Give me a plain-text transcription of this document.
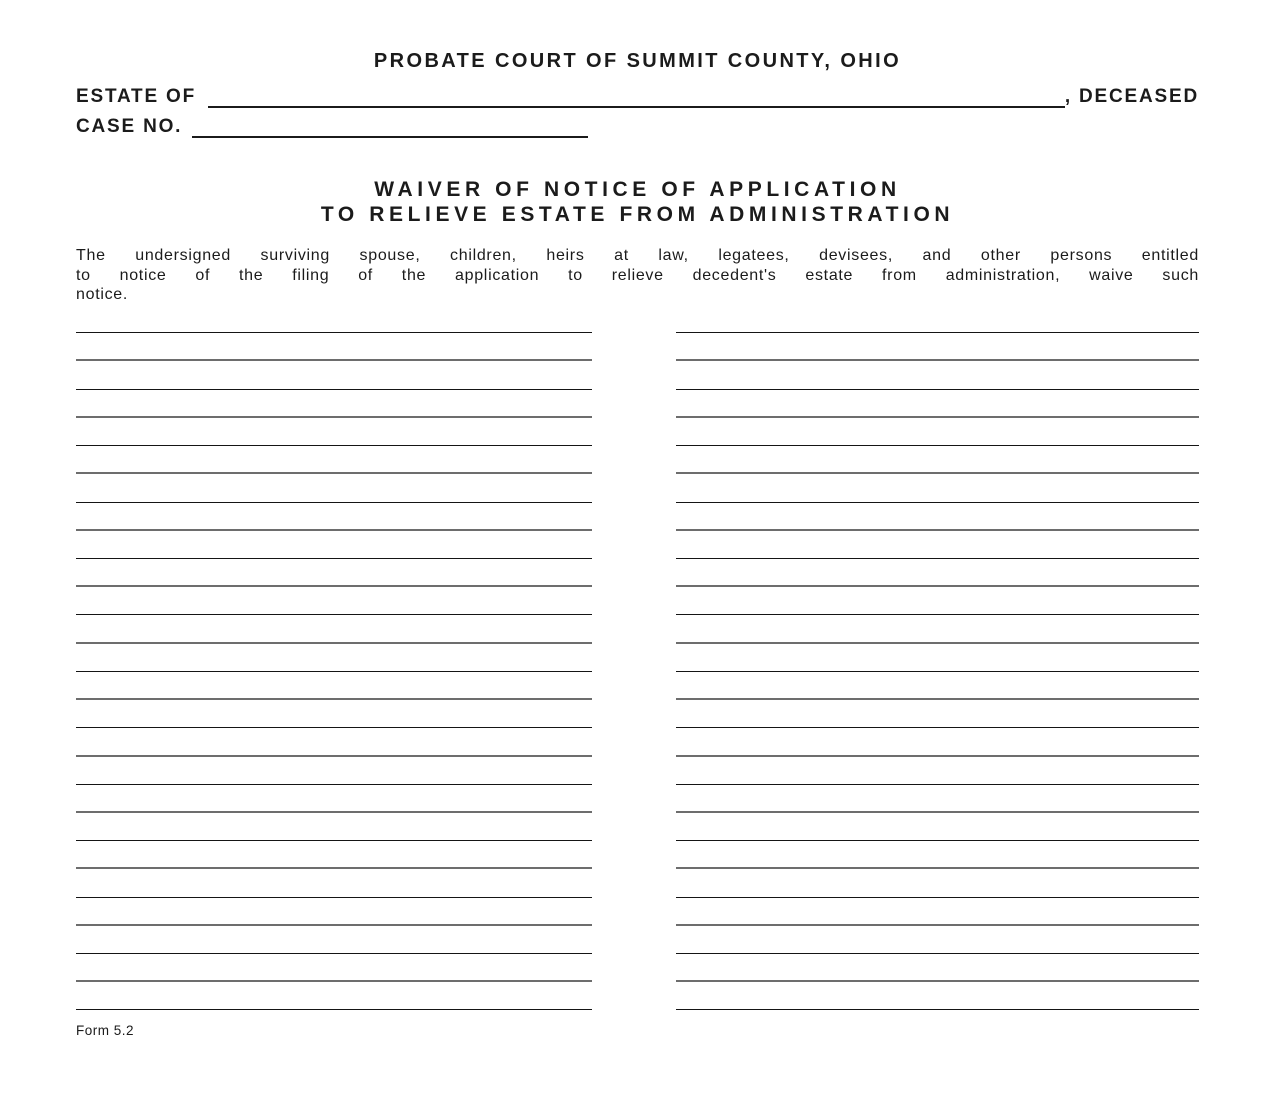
PROBATE COURT OF SUMMIT COUNTY, OHIO
ESTATE OF	, DECEASED
CASE NO.
WAIVER OF NOTICE OF APPLICATION
TO RELIEVE ESTATE FROM ADMINISTRATION
The undersigned surviving spouse, children, heirs at law, legatees, devisees, and other persons entitled
to notice of the filing of the application to relieve decedent's estate from administration, waive such
notice.
Form 5.2
